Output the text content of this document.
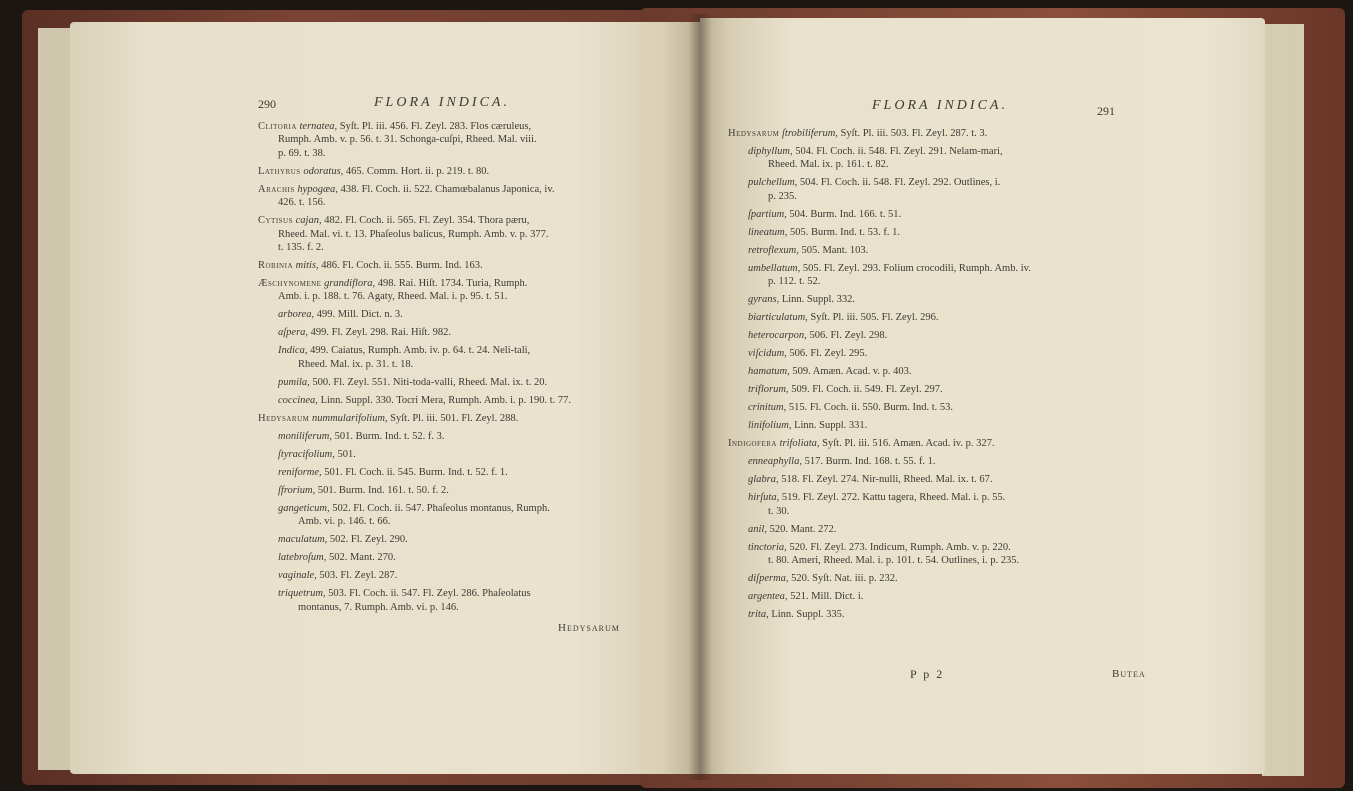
290	FLORA INDICA.
Clitoria ternatea, Syſt. Pl. iii. 456. Fl. Zeyl. 283. Flos cæruleus,
Rumph. Amb. v. p. 56. t. 31. Schonga-cuſpi, Rheed. Mal. viii.
p. 69. t. 38.
Lathyrus odoratus, 465. Comm. Hort. ii. p. 219. t. 80.
Arachis hypogæa, 438. Fl. Coch. ii. 522. Chamœbalanus Japonica, iv.
426. t. 156.
Cytisus cajan, 482. Fl. Coch. ii. 565. Fl. Zeyl. 354. Thora pæru,
Rheed. Mal. vi. t. 13. Phaſeolus balicus, Rumph. Amb. v. p. 377.
t. 135. f. 2.
Robinia mitis, 486. Fl. Coch. ii. 555. Burm. Ind. 163.
Æschynomene grandiflora, 498. Rai. Hiſt. 1734. Turia, Rumph.
Amb. i. p. 188. t. 76. Agaty, Rheed. Mal. i. p. 95. t. 51.
arborea, 499. Mill. Dict. n. 3.
aſpera, 499. Fl. Zeyl. 298. Rai. Hiſt. 982.
Indica, 499. Caiatus, Rumph. Amb. iv. p. 64. t. 24. Neli-tali,
Rheed. Mal. ix. p. 31. t. 18.
pumila, 500. Fl. Zeyl. 551. Niti-toda-valli, Rheed. Mal. ix. t. 20.
coccinea, Linn. Suppl. 330. Tocri Mera, Rumph. Amb. i. p. 190. t. 77.
Hedysarum nummularifolium, Syſt. Pl. iii. 501. Fl. Zeyl. 288.
moniliferum, 501. Burm. Ind. t. 52. f. 3.
ſtyracifolium, 501.
reniforme, 501. Fl. Coch. ii. 545. Burm. Ind. t. 52. f. 1.
ſfrorium, 501. Burm. Ind. 161. t. 50. f. 2.
gangeticum, 502. Fl. Coch. ii. 547. Phaſeolus montanus, Rumph.
Amb. vi. p. 146. t. 66.
maculatum, 502. Fl. Zeyl. 290.
latebroſum, 502. Mant. 270.
vaginale, 503. Fl. Zeyl. 287.
triquetrum, 503. Fl. Coch. ii. 547. Fl. Zeyl. 286. Phaſeolatus
montanus, 7. Rumph. Amb. vi. p. 146.
Hedysarum
FLORA INDICA.	291
Hedysarum ſtrobiliferum, Syſt. Pl. iii. 503. Fl. Zeyl. 287. t. 3.
diphyllum, 504. Fl. Coch. ii. 548. Fl. Zeyl. 291. Nelam-mari,
Rheed. Mal. ix. p. 161. t. 82.
pulchellum, 504. Fl. Coch. ii. 548. Fl. Zeyl. 292. Outlines, i.
p. 235.
ſpartium, 504. Burm. Ind. 166. t. 51.
lineatum, 505. Burm. Ind. t. 53. f. 1.
retroflexum, 505. Mant. 103.
umbellatum, 505. Fl. Zeyl. 293. Folium crocodili, Rumph. Amb. iv.
p. 112. t. 52.
gyrans, Linn. Suppl. 332.
biarticulatum, Syſt. Pl. iii. 505. Fl. Zeyl. 296.
heterocarpon, 506. Fl. Zeyl. 298.
viſcidum, 506. Fl. Zeyl. 295.
hamatum, 509. Amæn. Acad. v. p. 403.
triflorum, 509. Fl. Coch. ii. 549. Fl. Zeyl. 297.
crinitum, 515. Fl. Coch. ii. 550. Burm. Ind. t. 53.
linifolium, Linn. Suppl. 331.
Indigofera trifoliata, Syſt. Pl. iii. 516. Amæn. Acad. iv. p. 327.
enneaphylla, 517. Burm. Ind. 168. t. 55. f. 1.
glabra, 518. Fl. Zeyl. 274. Nir-nulli, Rheed. Mal. ix. t. 67.
hirſuta, 519. Fl. Zeyl. 272. Kattu tagera, Rheed. Mal. i. p. 55.
t. 30.
anil, 520. Mant. 272.
tinctoria, 520. Fl. Zeyl. 273. Indicum, Rumph. Amb. v. p. 220.
t. 80. Ameri, Rheed. Mal. i. p. 101. t. 54. Outlines, i. p. 235.
diſperma, 520. Syſt. Nat. iii. p. 232.
argentea, 521. Mill. Dict. i.
trita, Linn. Suppl. 335.
P p 2	Butea
